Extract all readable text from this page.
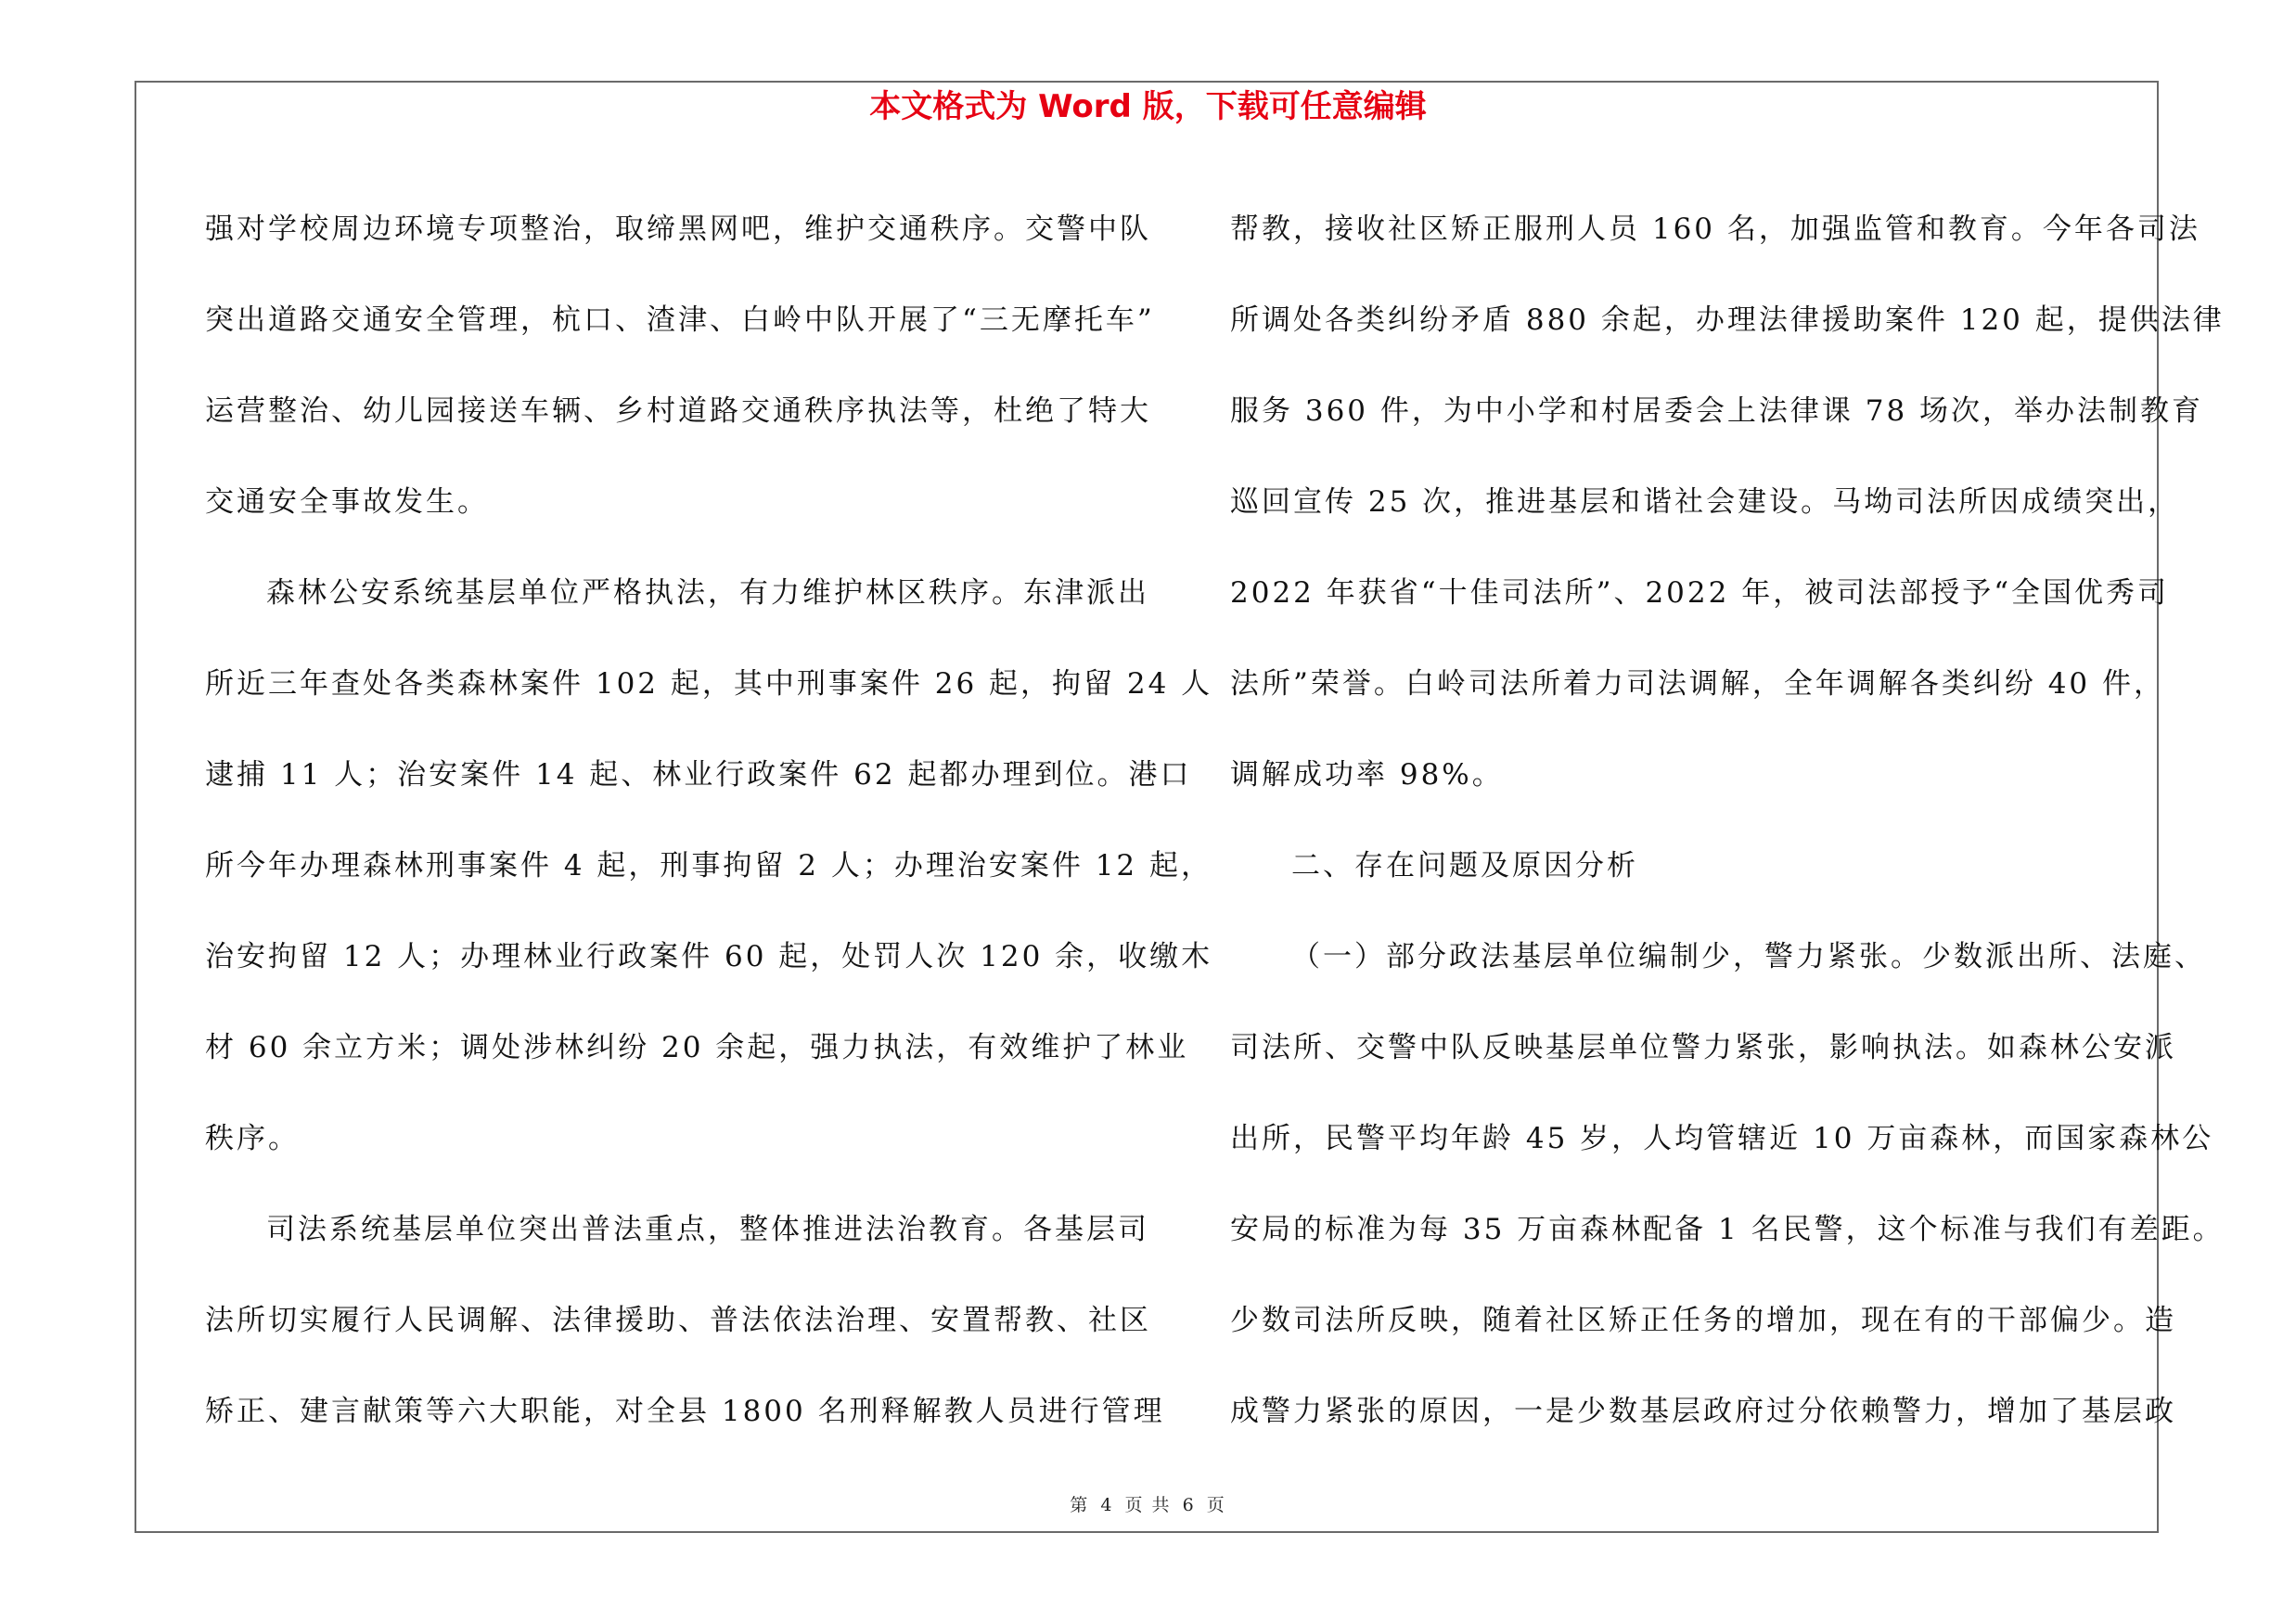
本文格式为 Word 版，下载可任意编辑
强对学校周边环境专项整治，取缔黑网吧，维护交通秩序。交警中队
突出道路交通安全管理，杭口、渣津、白岭中队开展了“三无摩托车”
运营整治、幼儿园接送车辆、乡村道路交通秩序执法等，杜绝了特大
交通安全事故发生。
森林公安系统基层单位严格执法，有力维护林区秩序。东津派出
所近三年查处各类森林案件 102 起，其中刑事案件 26 起，拘留 24 人
逮捕 11 人；治安案件 14 起、林业行政案件 62 起都办理到位。港口
所今年办理森林刑事案件 4 起，刑事拘留 2 人；办理治安案件 12 起，
治安拘留 12 人；办理林业行政案件 60 起，处罚人次 120 余，收缴木
材 60 余立方米；调处涉林纠纷 20 余起，强力执法，有效维护了林业
秩序。
司法系统基层单位突出普法重点，整体推进法治教育。各基层司
法所切实履行人民调解、法律援助、普法依法治理、安置帮教、社区
矫正、建言献策等六大职能，对全县 1800 名刑释解教人员进行管理
帮教，接收社区矫正服刑人员 160 名，加强监管和教育。今年各司法
所调处各类纠纷矛盾 880 余起，办理法律援助案件 120 起，提供法律
服务 360 件，为中小学和村居委会上法律课 78 场次，举办法制教育
巡回宣传 25 次，推进基层和谐社会建设。马坳司法所因成绩突出，
2022 年获省“十佳司法所”、2022 年，被司法部授予“全国优秀司
法所”荣誉。白岭司法所着力司法调解，全年调解各类纠纷 40 件，
调解成功率 98%。
二、存在问题及原因分析
（一）部分政法基层单位编制少，警力紧张。少数派出所、法庭、
司法所、交警中队反映基层单位警力紧张，影响执法。如森林公安派
出所，民警平均年龄 45 岁，人均管辖近 10 万亩森林，而国家森林公
安局的标准为每 35 万亩森林配备 1 名民警，这个标准与我们有差距。
少数司法所反映，随着社区矫正任务的增加，现在有的干部偏少。造
成警力紧张的原因，一是少数基层政府过分依赖警力，增加了基层政
第 4 页 共 6 页
